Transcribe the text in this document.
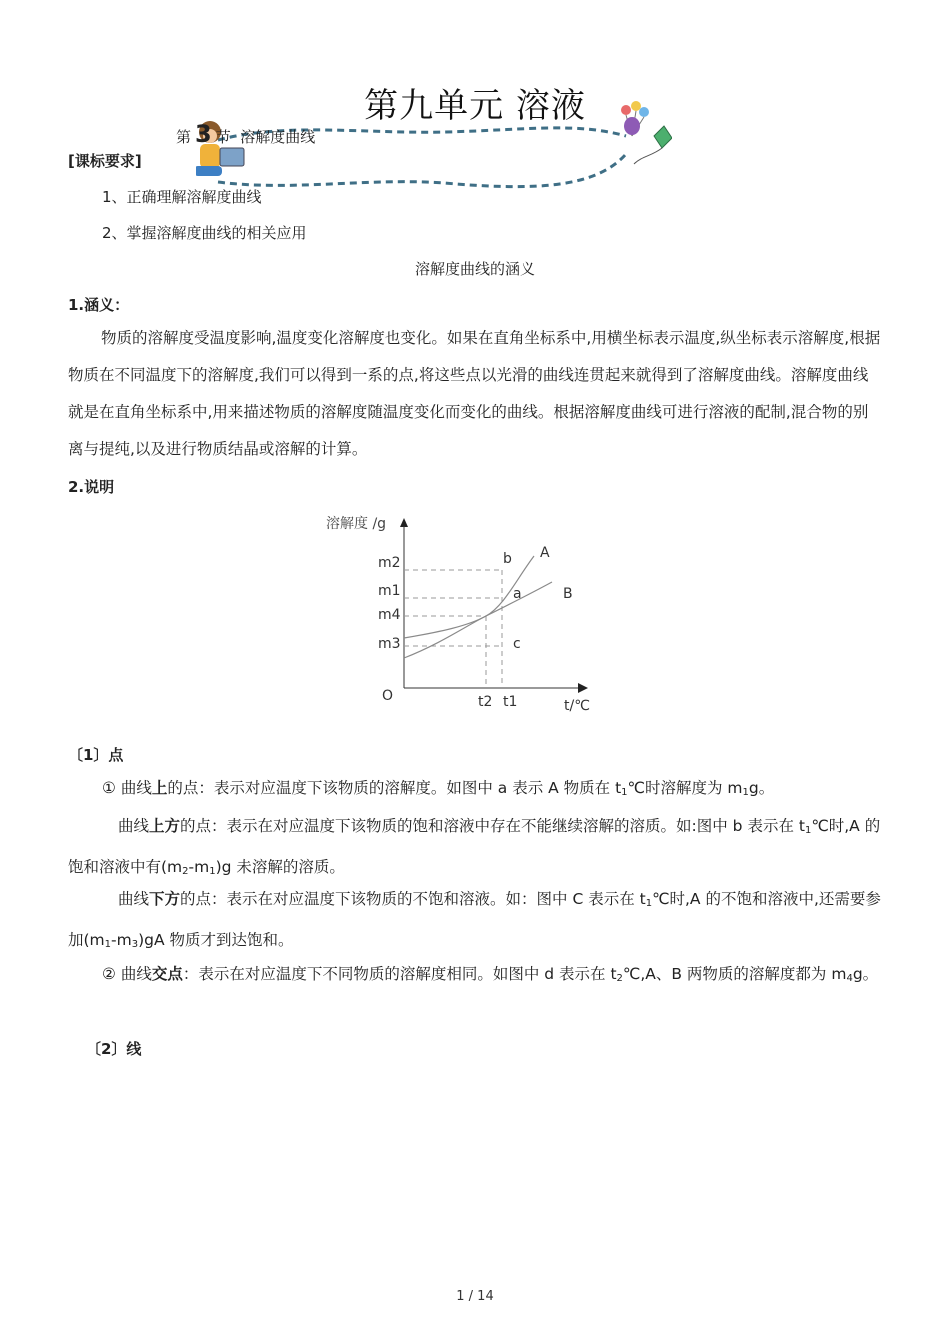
第九单元 溶液
第 3 节 溶解度曲线
[课标要求]
1、正确理解溶解度曲线
2、掌握溶解度曲线的相关应用
溶解度曲线的涵义
1.涵义：
物质的溶解度受温度影响,温度变化溶解度也变化。如果在直角坐标系中,用横坐标表示温度,纵坐标表示溶解度,根据物质在不同温度下的溶解度,我们可以得到一系的点,将这些点以光滑的曲线连贯起来就得到了溶解度曲线。溶解度曲线就是在直角坐标系中,用来描述物质的溶解度随温度变化而变化的曲线。根据溶解度曲线可进行溶液的配制,混合物的别离与提纯,以及进行物质结晶或溶解的计算。
2.说明
溶解度 /g
t/℃
O
m2
m1
m4
m3
t2 t1
A
B
b
a
c
〔1〕点
① 曲线上的点：表示对应温度下该物质的溶解度。如图中 a 表示 A 物质在 $t_1℃$时溶解度为 $m_1g$。
曲线上方的点：表示在对应温度下该物质的饱和溶液中存在不能继续溶解的溶质。如:图中 b 表示在 $t_1℃$时,A 的饱和溶液中有$(m_2-m_1)g$ 未溶解的溶质。
曲线下方的点：表示在对应温度下该物质的不饱和溶液。如：图中 C 表示在 $t_1℃$时,A 的不饱和溶液中,还需要参加$(m_1-m_3)gA$ 物质才到达饱和。
② 曲线交点：表示在对应温度下不同物质的溶解度相同。如图中 d 表示在 $t_2℃,A$、B 两物质的溶解度都为 $m_4g$。
〔2〕线
1 / 14
